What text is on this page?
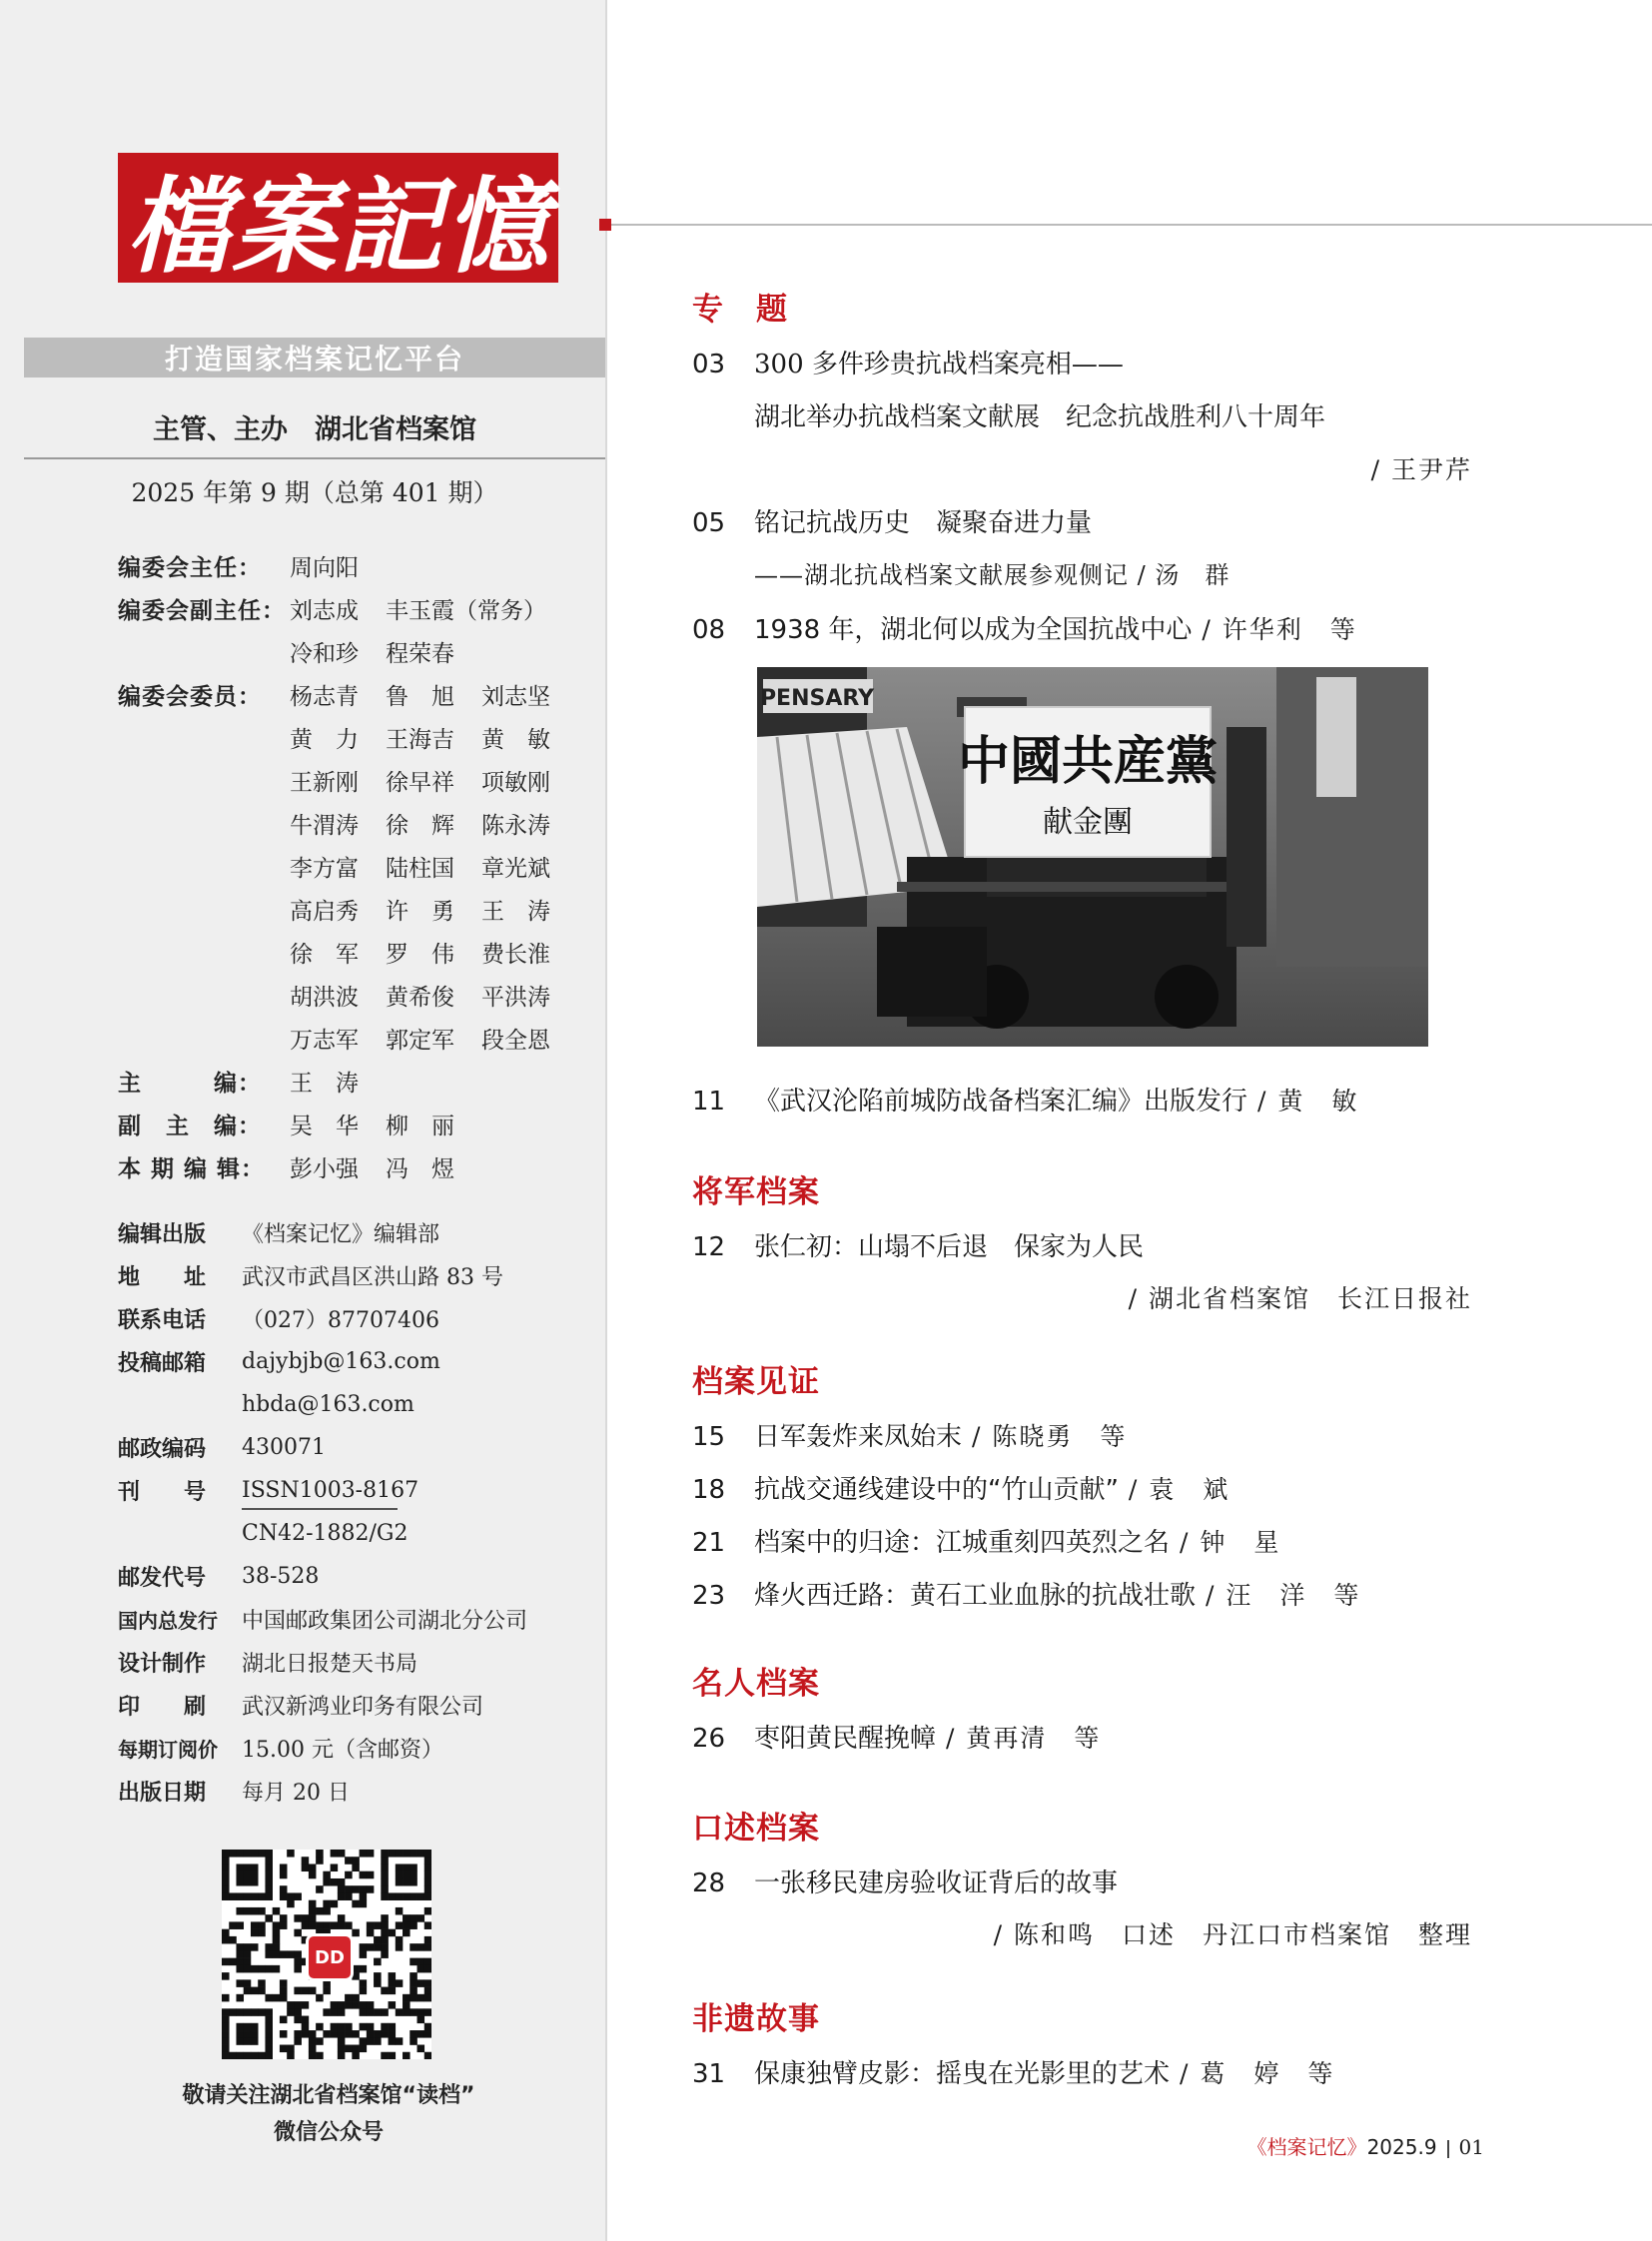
檔案記憶
打造国家档案记忆平台
主管、主办　湖北省档案馆
2025 年第 9 期（总第 401 期）
编委会主任：	周向阳
编委会副主任： 刘志成	丰玉霞（常务）
冷和珍	程荣春
编委会委员：	杨志青	鲁　旭	刘志坚
黄　力	王海吉	黄　敏
王新刚	徐早祥	项敏刚
牛渭涛	徐　辉	陈永涛
李方富	陆柱国	章光斌
高启秀	许　勇	王　涛
徐　军	罗　伟	费长淮
胡洪波	黄希俊	平洪涛
万志军	郭定军	段全恩
主　　　编：	王　涛
副　主　编：	吴　华	柳　丽
本 期 编 辑：	彭小强	冯　煜
编辑出版	《档案记忆》编辑部
地　　址	武汉市武昌区洪山路 83 号
联系电话	（027）87707406
投稿邮箱	dajybjb@163.com
hbda@163.com
邮政编码	430071
刊　　号	ISSN1003-8167
CN42-1882/G2
邮发代号	38-528
国内总发行	中国邮政集团公司湖北分公司
设计制作	湖北日报楚天书局
印　　刷	武汉新鸿业印务有限公司
每期订阅价	15.00 元（含邮资）
出版日期	每月 20 日
DD
敬请关注湖北省档案馆“读档”
微信公众号
专　题
03 300 多件珍贵抗战档案亮相——
湖北举办抗战档案文献展　纪念抗战胜利八十周年
/ 王尹芹
05 铭记抗战历史　凝聚奋进力量
——湖北抗战档案文献展参观侧记 / 汤　群
08 1938 年，湖北何以成为全国抗战中心 / 许华利　等
中國共産黨
献金團
PENSARY
11 《武汉沦陷前城防战备档案汇编》出版发行 / 黄　敏
将军档案
12 张仁初：山塌不后退　保家为人民
/ 湖北省档案馆　长江日报社
档案见证
15 日军轰炸来凤始末 / 陈晓勇　等
18 抗战交通线建设中的“竹山贡献” / 袁　斌
21 档案中的归途：江城重刻四英烈之名 / 钟　星
23 烽火西迁路：黄石工业血脉的抗战壮歌 / 汪　洋　等
名人档案
26 枣阳黄民醒挽幛 / 黄再清　等
口述档案
28 一张移民建房验收证背后的故事
/ 陈和鸣　口述　丹江口市档案馆　整理
非遗故事
31 保康独臂皮影：摇曳在光影里的艺术 / 葛　婷　等
《档案记忆》2025.9 01
